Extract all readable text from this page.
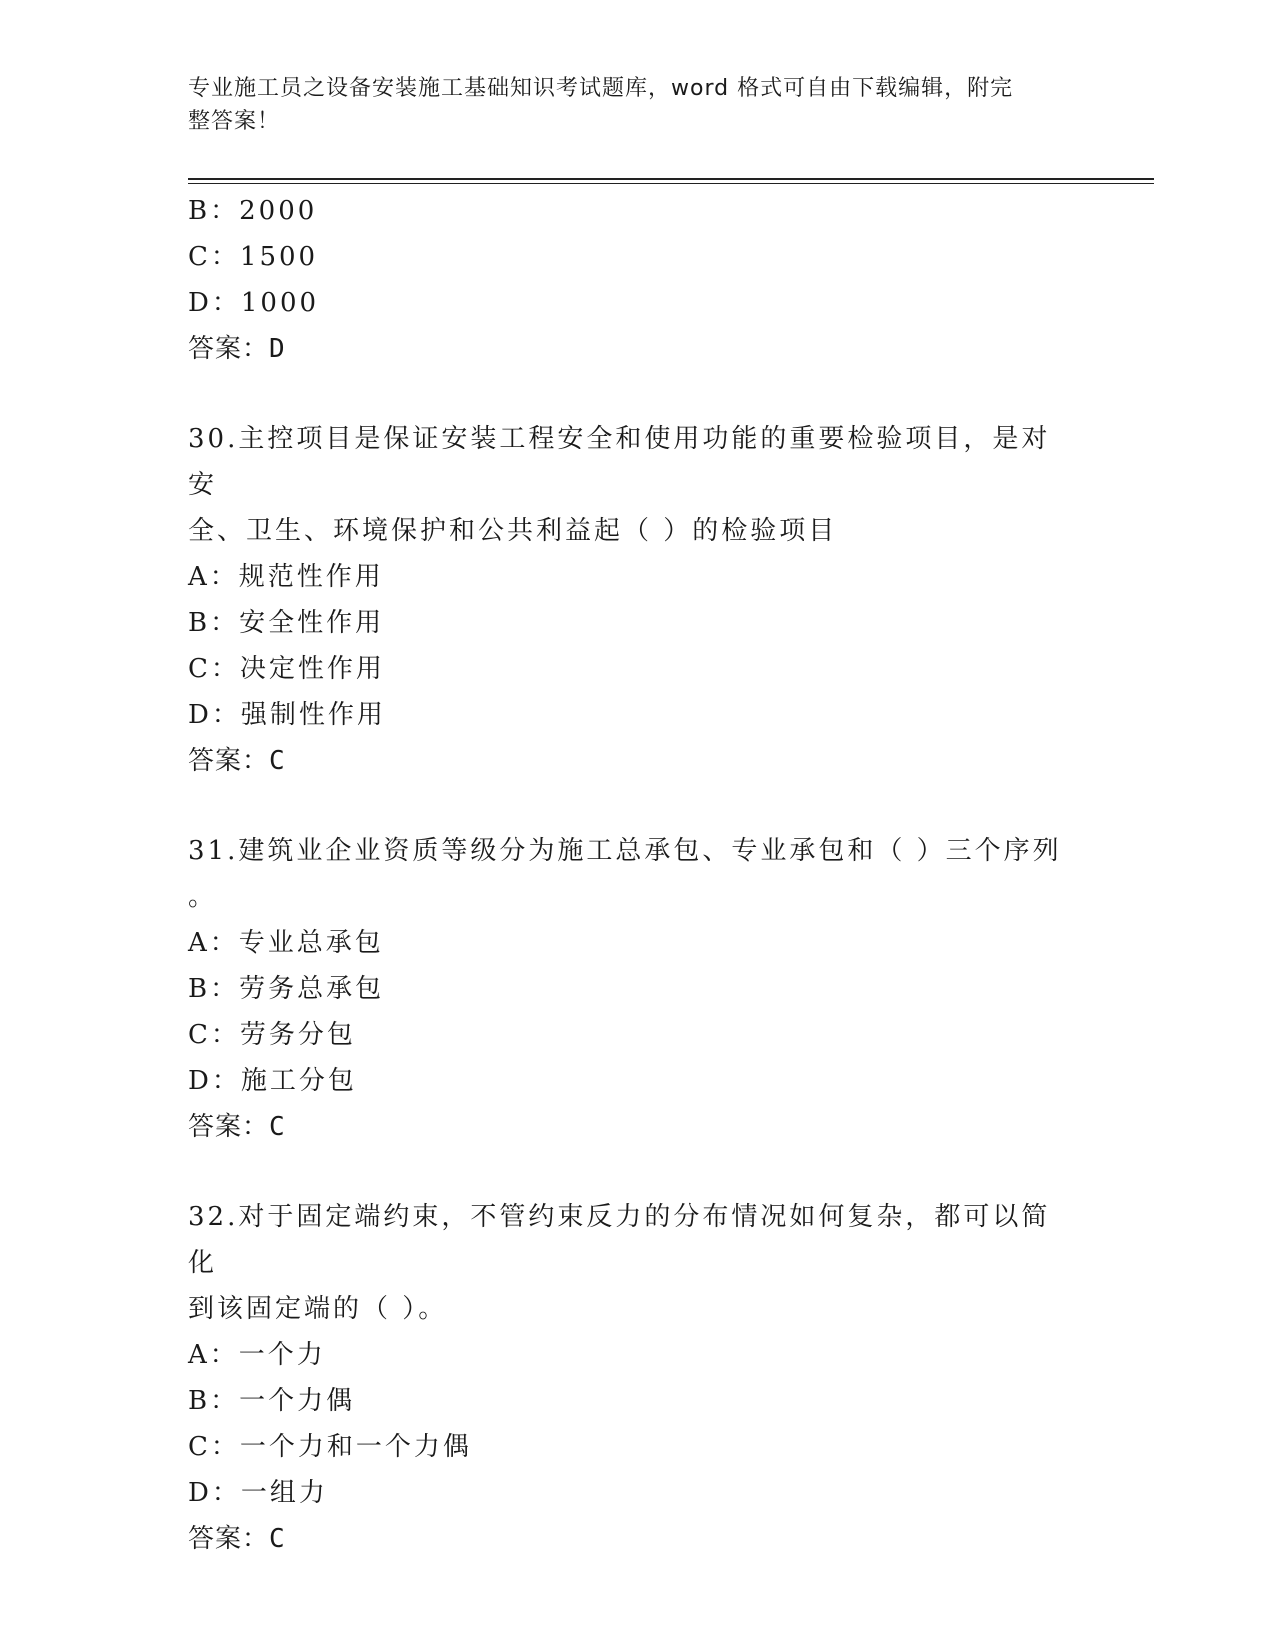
专业施工员之设备安装施工基础知识考试题库，word 格式可自由下载编辑，附完
整答案！
B：2000
C：1500
D：1000
答案：D
30.主控项目是保证安装工程安全和使用功能的重要检验项目，是对安
全、卫生、环境保护和公共利益起（ ）的检验项目
A：规范性作用
B：安全性作用
C：决定性作用
D：强制性作用
答案：C
31.建筑业企业资质等级分为施工总承包、专业承包和（ ）三个序列
。
A：专业总承包
B：劳务总承包
C：劳务分包
D：施工分包
答案：C
32.对于固定端约束，不管约束反力的分布情况如何复杂，都可以简化
到该固定端的（ ）。
A：一个力
B：一个力偶
C：一个力和一个力偶
D：一组力
答案：C
